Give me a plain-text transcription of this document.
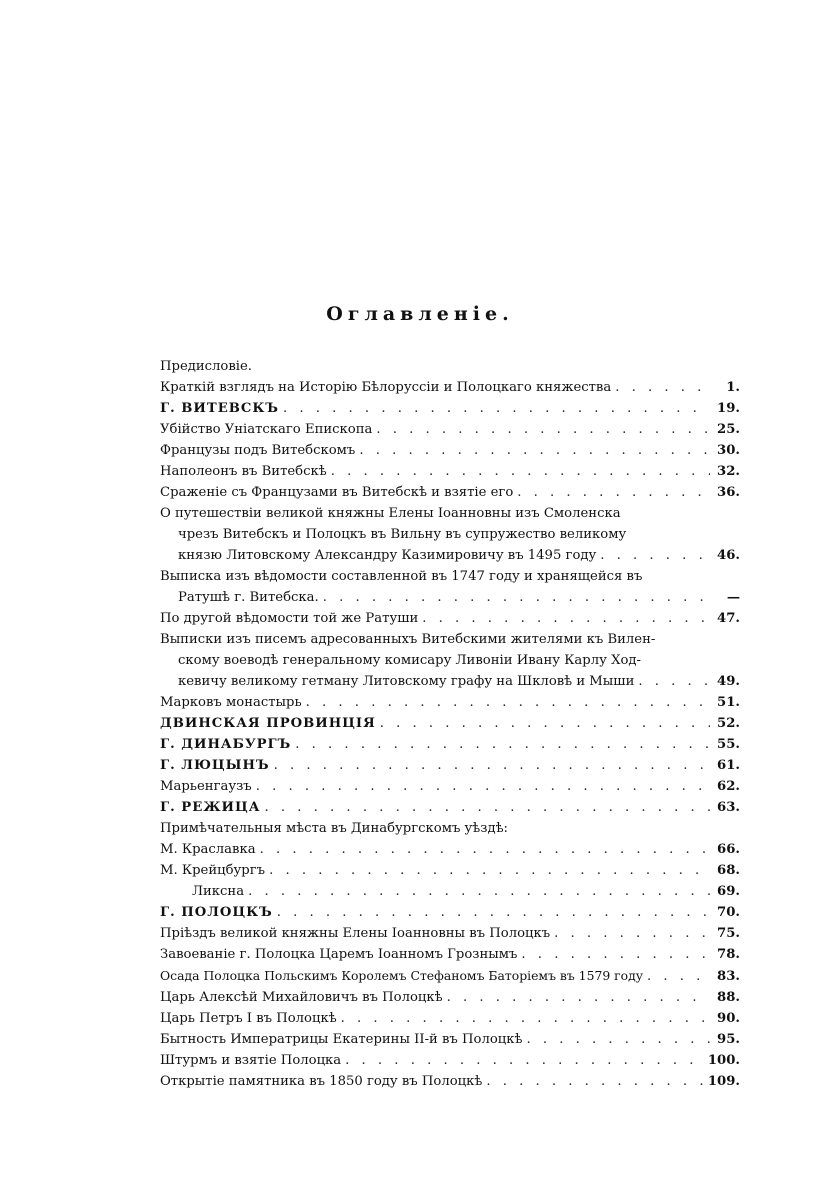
Оглавленіе.
Предисловіе.
Краткій взглядъ на Исторію Бѣлоруссіи и Полоцкаго княжества . . .	1.
Г. ВИТЕВСКЪ . . .	19.
Убійство Уніатскаго Епископа . . .	25.
Французы подъ Витебскомъ . . .	30.
Наполеонъ въ Витебскѣ . . .	32.
Сраженіе съ Французами въ Витебскѣ и взятіе его . . .	36.
О путешествіи великой княжны Елены Іоанновны изъ Смоленска
чрезъ Витебскъ и Полоцкъ въ Вильну въ супружество великому
князю Литовскому Александру Казимировичу въ 1495 году . . .	46.
Выписка изъ вѣдомости составленной въ 1747 году и хранящейся въ
Ратушѣ г. Витебска. . . .	—
По другой вѣдомости той же Ратуши . . .	47.
Выписки изъ писемъ адресованныхъ Витебскими жителями къ Вилен-
скому воеводѣ генеральному комисару Ливоніи Ивану Карлу Ход-
кевичу великому гетману Литовскому графу на Шкловѣ и Мыши . . .	49.
Марковъ монастырь . . .	51.
ДВИНСКАЯ ПРОВИНЦІЯ . . .	52.
Г. ДИНАБУРГЪ . . .	55.
Г. ЛЮЦЫНЪ . . .	61.
Марьенгаузъ . . .	62.
Г. РЕЖИЦА . . .	63.
Примѣчательныя мѣста въ Динабургскомъ уѣздѣ:
М. Краславка . . .	66.
М. Крейцбургъ . . .	68.
Ликсна . . .	69.
Г. ПОЛОЦКЪ . . .	70.
Пріѣздъ великой княжны Елены Іоанновны въ Полоцкъ . . .	75.
Завоеваніе г. Полоцка Царемъ Іоанномъ Грознымъ . . .	78.
Осада Полоцка Польскимъ Королемъ Стефаномъ Баторіемъ въ 1579 году . . .	83.
Царь Алексѣй Михайловичъ въ Полоцкѣ . . .	88.
Царь Петръ I въ Полоцкѣ . . .	90.
Бытность Императрицы Екатерины II-й въ Полоцкѣ . . .	95.
Штурмъ и взятіе Полоцка . . .	100.
Открытіе памятника въ 1850 году въ Полоцкѣ . . .	109.
